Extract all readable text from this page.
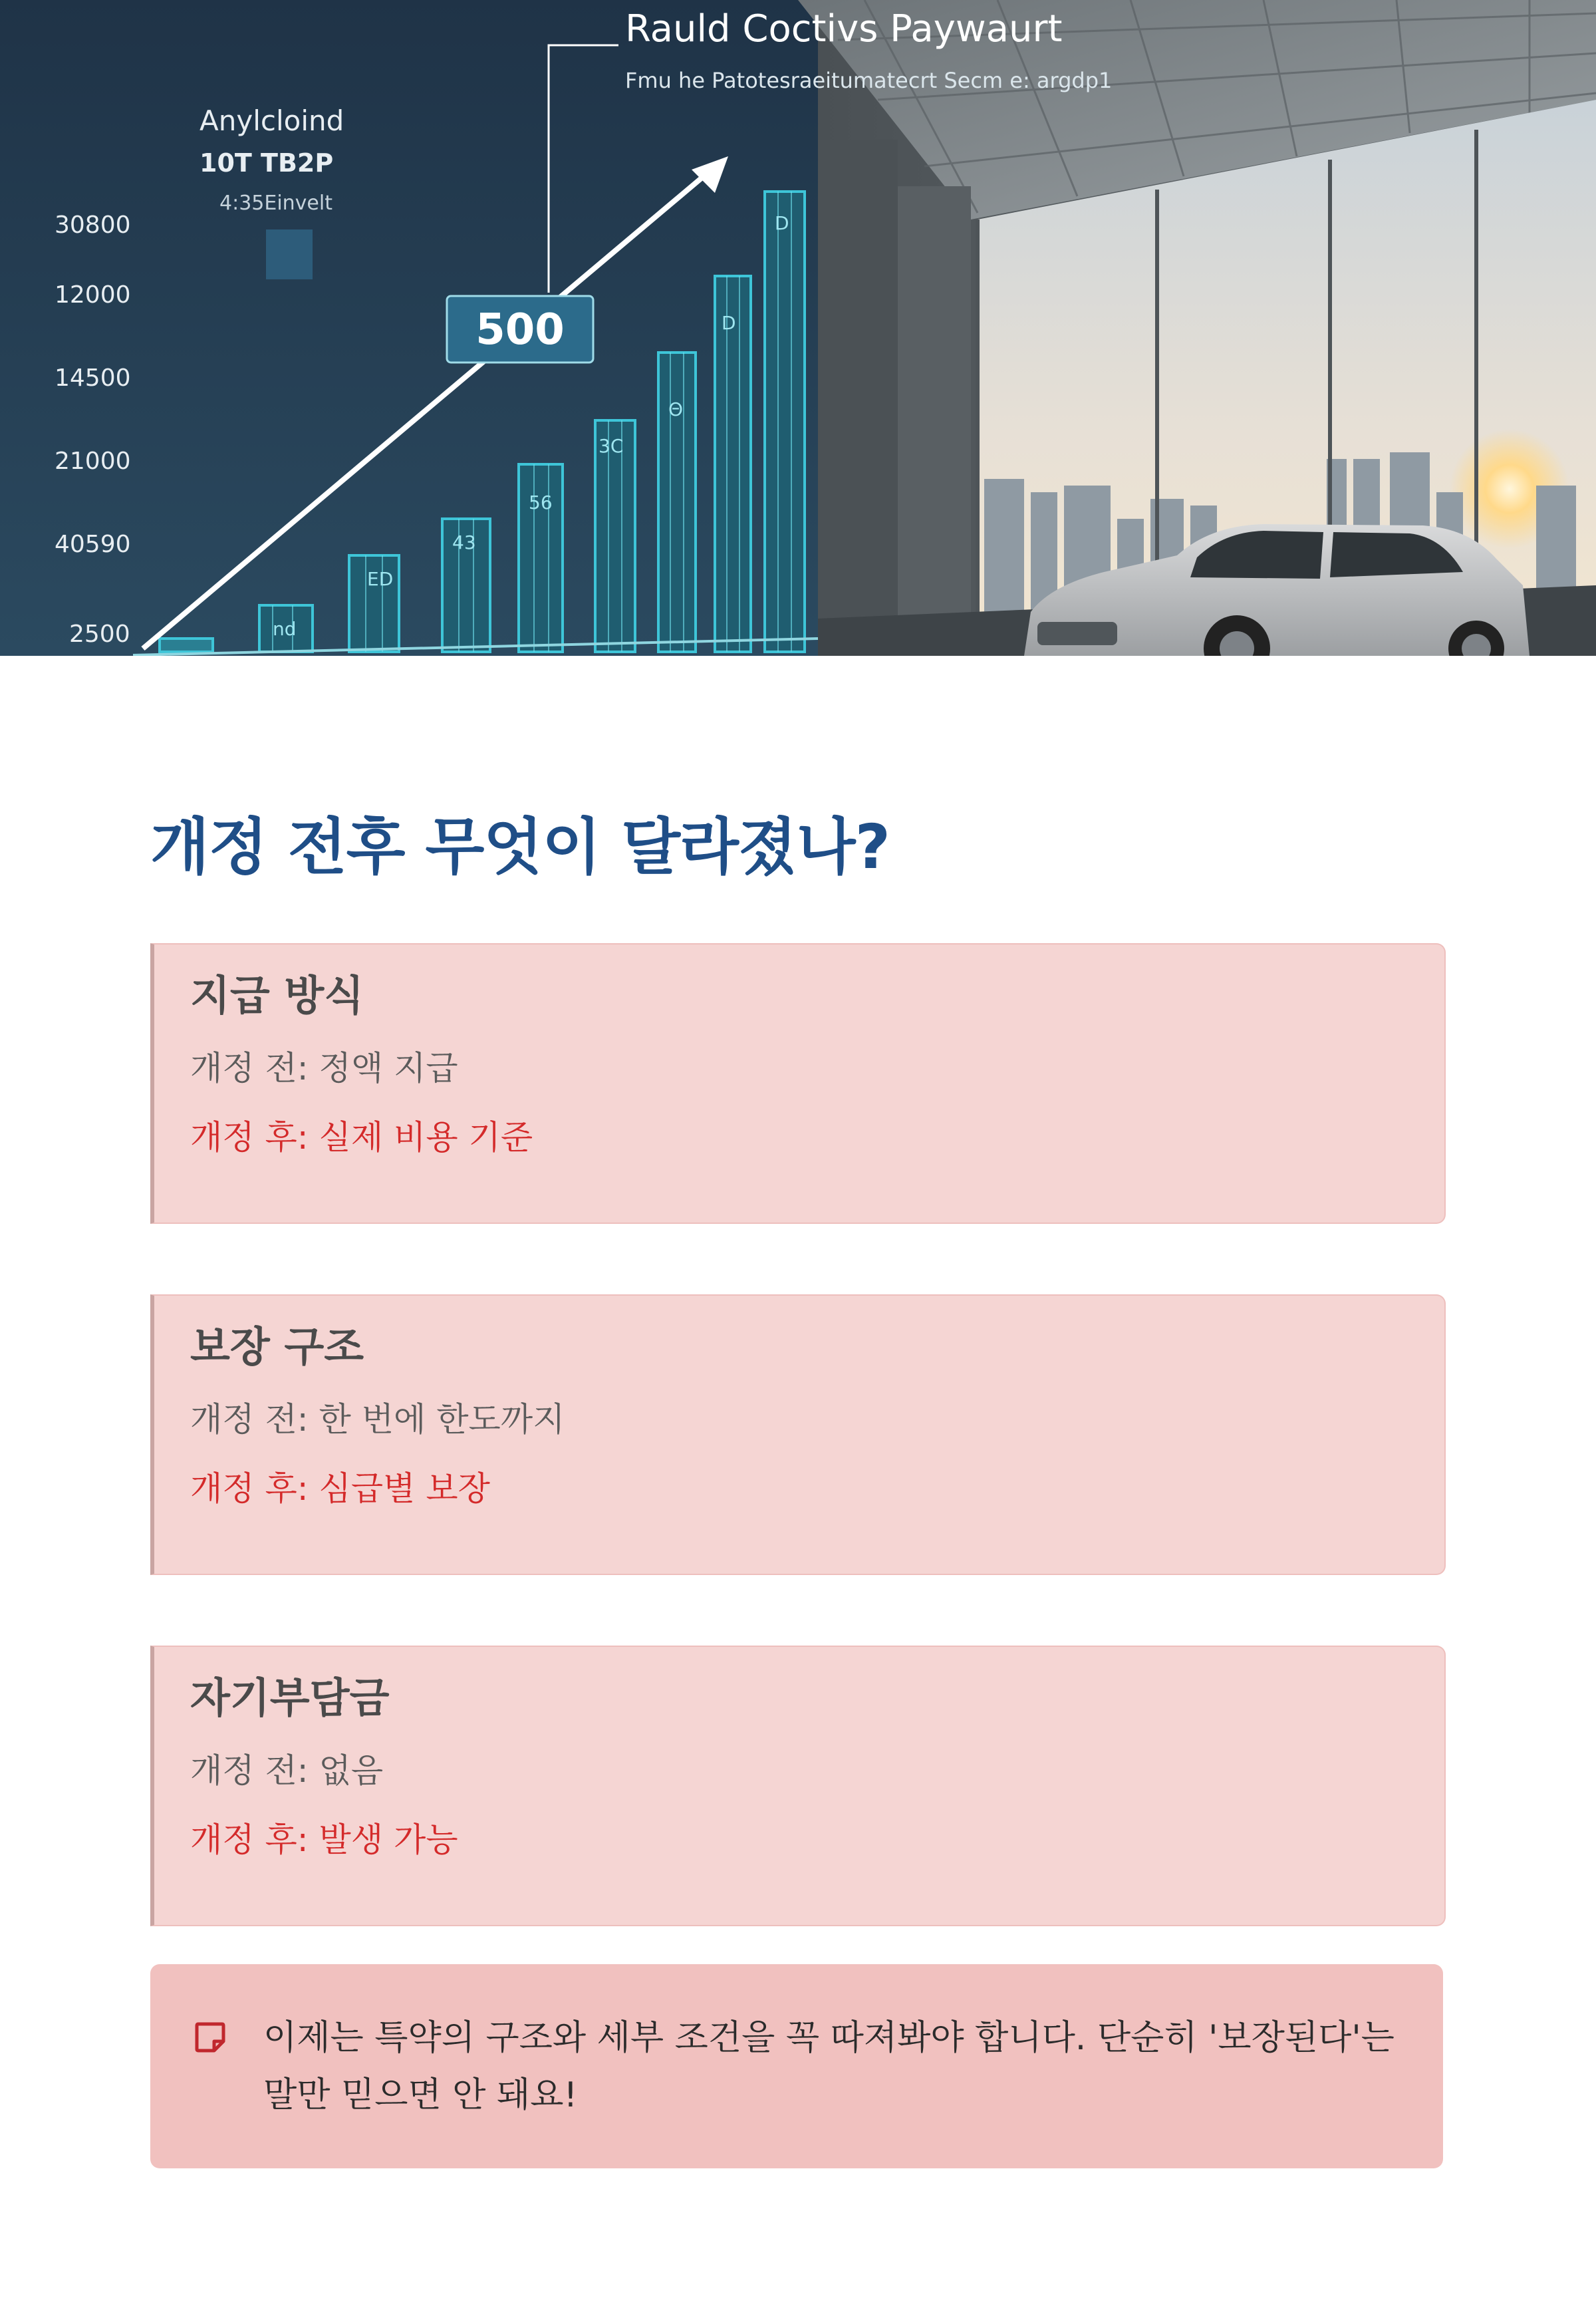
500
Rauld Coctivs Paywaurt
Fmu he Patotesraeitumatecrt Secm e: argdp1
Anylcloind
10T TB2P
4:35Einvelt
30800
12000
14500
21000
40590
2500	nd
ED
43
56
3C
Θ
D
D
개정 전후 무엇이 달라졌나?
지급 방식
개정 전: 정액 지급
개정 후: 실제 비용 기준
보장 구조
개정 전: 한 번에 한도까지
개정 후: 심급별 보장
자기부담금
개정 전: 없음
개정 후: 발생 가능

이제는 특약의 구조와 세부 조건을 꼭 따져봐야 합니다. 단순히 '보장된다'는 말만 믿으면 안 돼요!
